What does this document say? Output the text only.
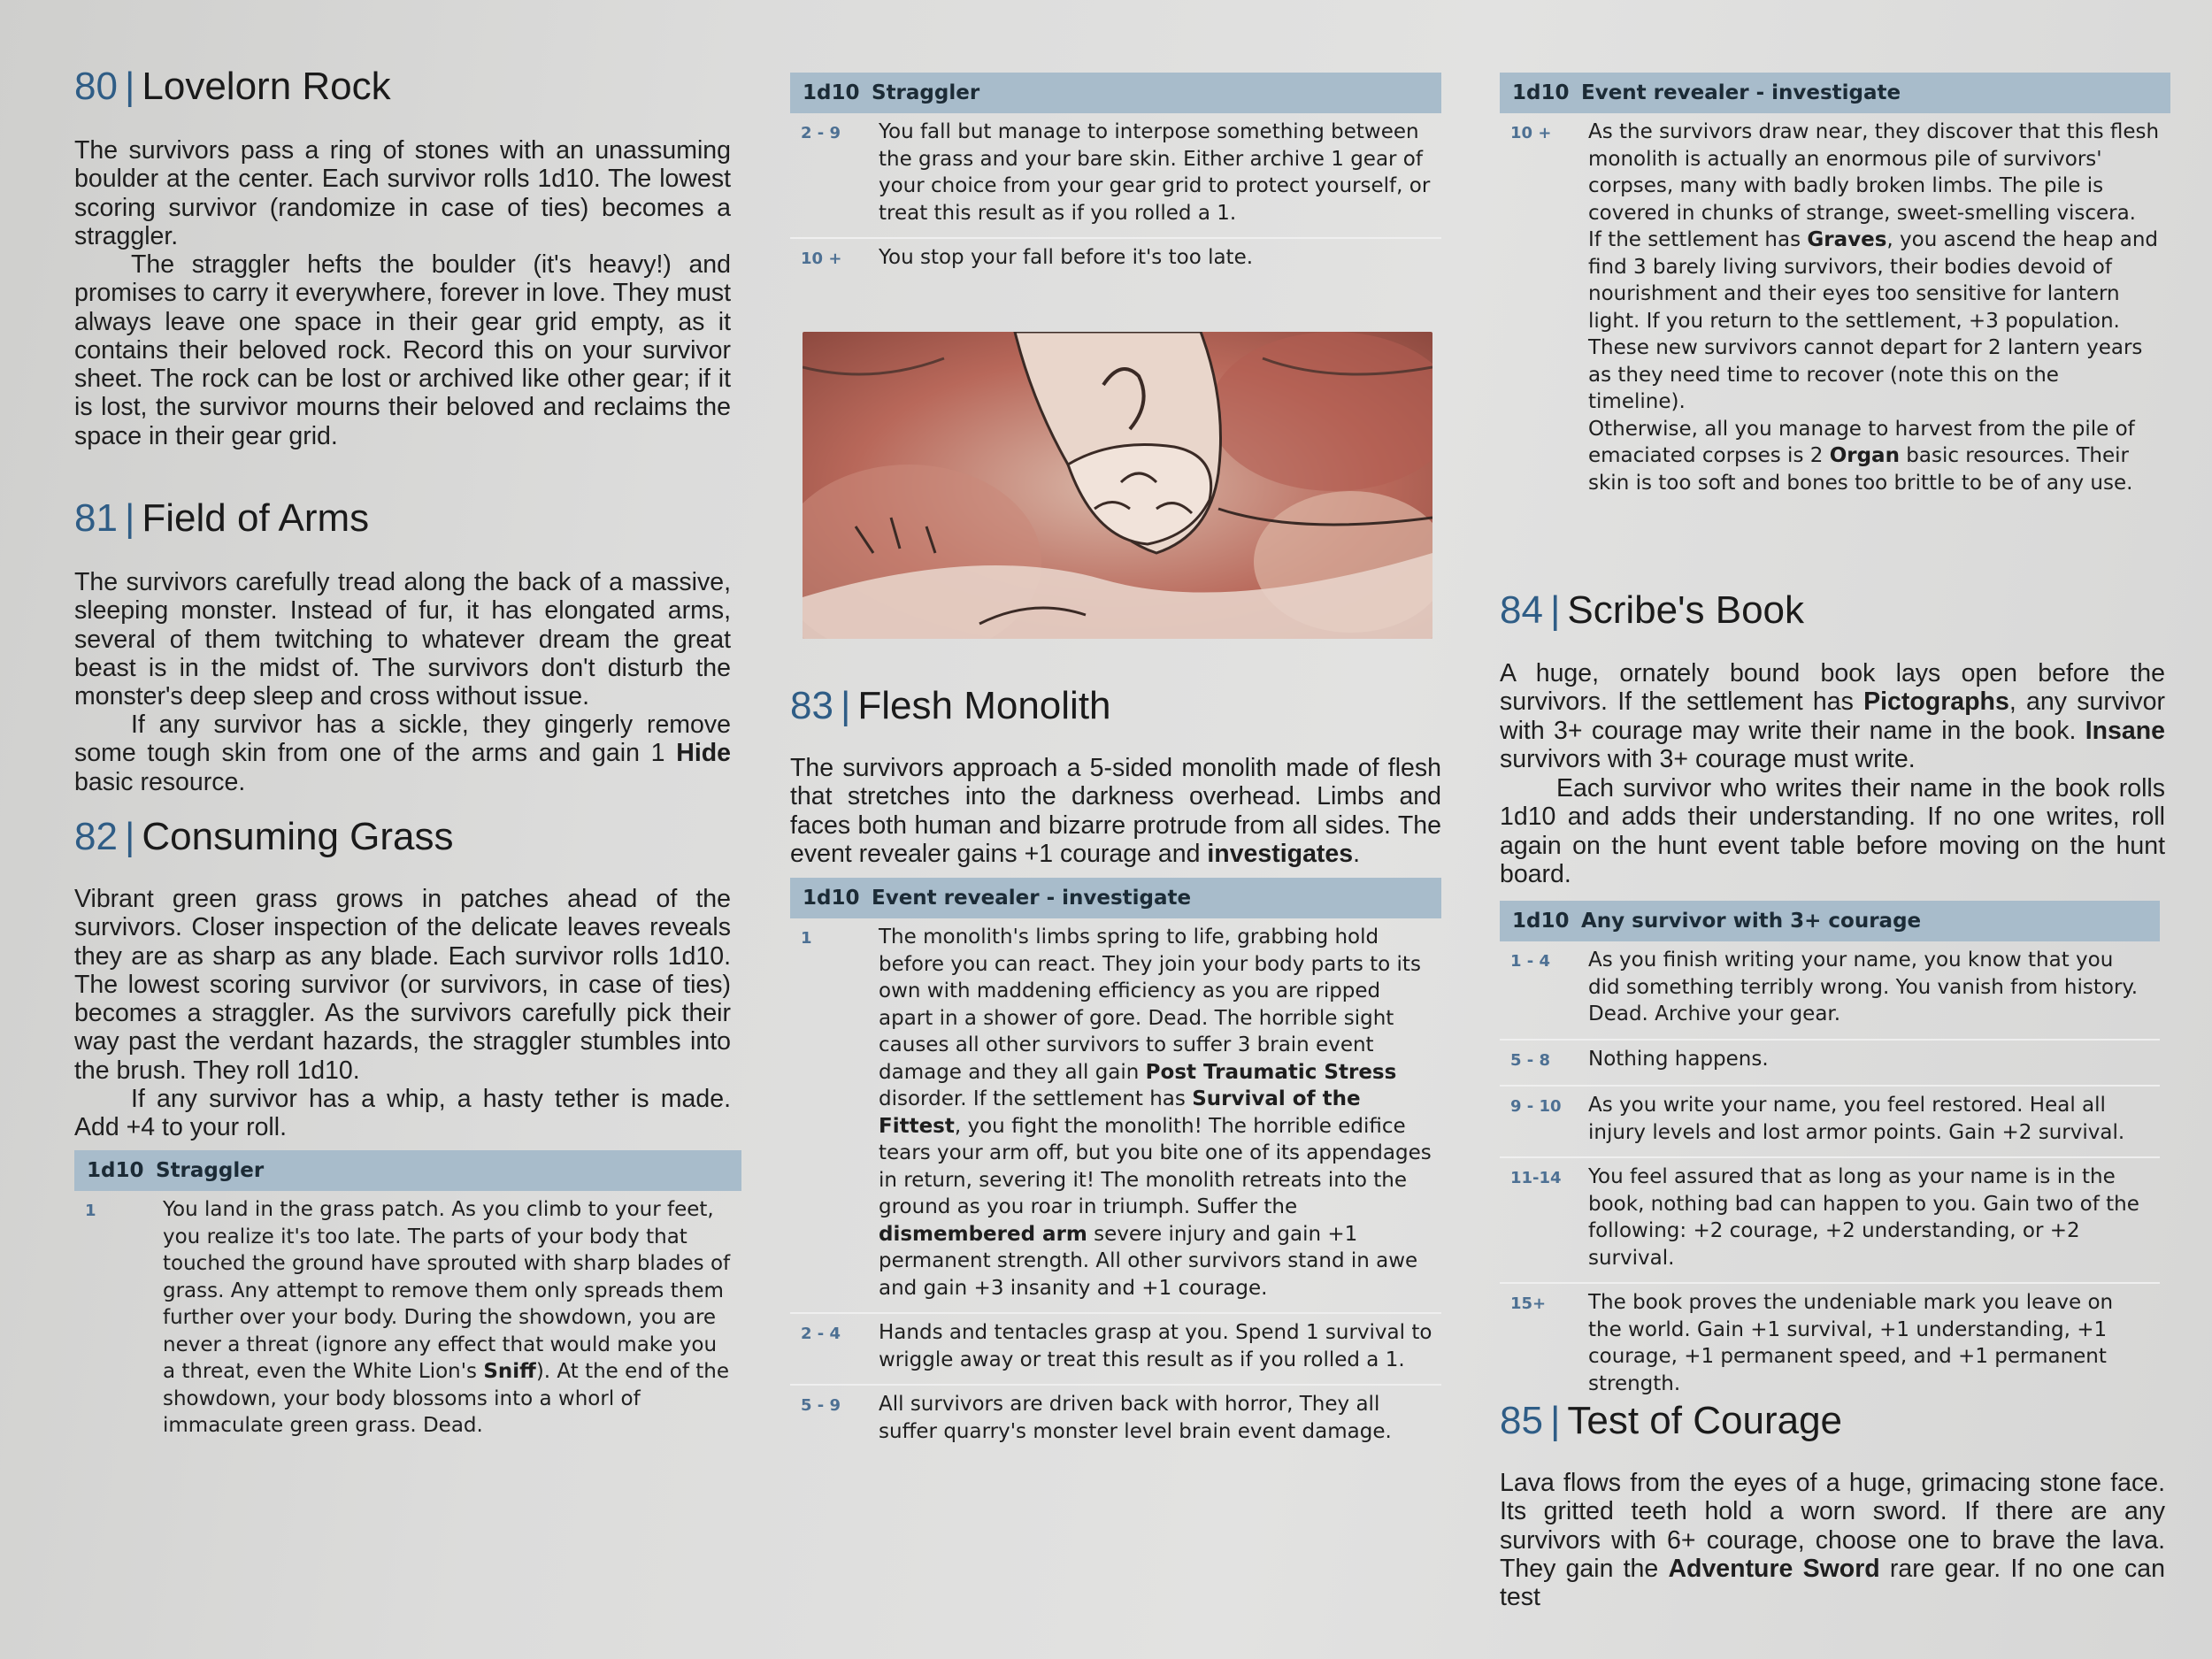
80 | Lovelorn Rock

The survivors pass a ring of stones with an unassuming boulder at the center. Each survivor rolls 1d10. The lowest scoring survivor (randomize in case of ties) becomes a straggler.

The straggler hefts the boulder (it's heavy!) and promises to carry it everywhere, forever in love. They must always leave one space in their gear grid empty, as it contains their beloved rock. Record this on your survivor sheet. The rock can be lost or archived like other gear; if it is lost, the survivor mourns their beloved and reclaims the space in their gear grid.

81 | Field of Arms

The survivors carefully tread along the back of a massive, sleeping monster. Instead of fur, it has elongated arms, several of them twitching to whatever dream the great beast is in the midst of. The survivors don't disturb the monster's deep sleep and cross without issue.

If any survivor has a sickle, they gingerly remove some tough skin from one of the arms and gain 1 Hide basic resource.

82 | Consuming Grass

Vibrant green grass grows in patches ahead of the survivors. Closer inspection of the delicate leaves reveals they are as sharp as any blade. Each survivor rolls 1d10. The lowest scoring survivor (or survivors, in case of ties) becomes a straggler. As the survivors carefully pick their way past the verdant hazards, the straggler stumbles into the brush. They roll 1d10.

If any survivor has a whip, a hasty tether is made. Add +4 to your roll.

1d10 Straggler
1	You land in the grass patch. As you climb to your feet, you realize it's too late. The parts of your body that touched the ground have sprouted with sharp blades of grass. Any attempt to remove them only spreads them further over your body. During the showdown, you are never a threat (ignore any effect that would make you a threat, even the White Lion's Sniff). At the end of the showdown, your body blossoms into a whorl of immaculate green grass. Dead.
1d10 Straggler
2 - 9	You fall but manage to interpose something between the grass and your bare skin. Either archive 1 gear of your choice from your gear grid to protect yourself, or treat this result as if you rolled a 1.
10 +	You stop your fall before it's too late.
83 | Flesh Monolith

The survivors approach a 5-sided monolith made of flesh that stretches into the darkness overhead. Limbs and faces both human and bizarre protrude from all sides. The event revealer gains +1 courage and investigates.

1d10 Event revealer - investigate
1	The monolith's limbs spring to life, grabbing hold before you can react. They join your body parts to its own with maddening efficiency as you are ripped apart in a shower of gore. Dead. The horrible sight causes all other survivors to suffer 3 brain event damage and they all gain Post Traumatic Stress disorder. If the settlement has Survival of the Fittest, you fight the monolith! The horrible edifice tears your arm off, but you bite one of its appendages in return, severing it! The monolith retreats into the ground as you roar in triumph. Suffer the dismembered arm severe injury and gain +1 permanent strength. All other survivors stand in awe and gain +3 insanity and +1 courage.
2 - 4	Hands and tentacles grasp at you. Spend 1 survival to wriggle away or treat this result as if you rolled a 1.
5 - 9	All survivors are driven back with horror, They all suffer quarry's monster level brain event damage.
1d10 Event revealer - investigate
10 +	As the survivors draw near, they discover that this flesh monolith is actually an enormous pile of survivors' corpses, many with badly broken limbs. The pile is covered in chunks of strange, sweet-smelling viscera.
If the settlement has Graves, you ascend the heap and find 3 barely living survivors, their bodies devoid of nourishment and their eyes too sensitive for lantern light. If you return to the settlement, +3 population. These new survivors cannot depart for 2 lantern years as they need time to recover (note this on the timeline).
Otherwise, all you manage to harvest from the pile of emaciated corpses is 2 Organ basic resources. Their skin is too soft and bones too brittle to be of any use.
84 | Scribe's Book

A huge, ornately bound book lays open before the survivors. If the settlement has Pictographs, any survivor with 3+ courage may write their name in the book. Insane survivors with 3+ courage must write.

Each survivor who writes their name in the book rolls 1d10 and adds their understanding. If no one writes, roll again on the hunt event table before moving on the hunt board.

1d10 Any survivor with 3+ courage
1 - 4	As you finish writing your name, you know that you did something terribly wrong. You vanish from history. Dead. Archive your gear.
5 - 8	Nothing happens.
9 - 10	As you write your name, you feel restored. Heal all injury levels and lost armor points. Gain +2 survival.
11-14	You feel assured that as long as your name is in the book, nothing bad can happen to you. Gain two of the following: +2 courage, +2 understanding, or +2 survival.
15+	The book proves the undeniable mark you leave on the world. Gain +1 survival, +1 understanding, +1 courage, +1 permanent speed, and +1 permanent strength.
85 | Test of Courage

Lava flows from the eyes of a huge, grimacing stone face. Its gritted teeth hold a worn sword. If there are any survivors with 6+ courage, choose one to brave the lava. They gain the Adventure Sword rare gear. If no one can test
